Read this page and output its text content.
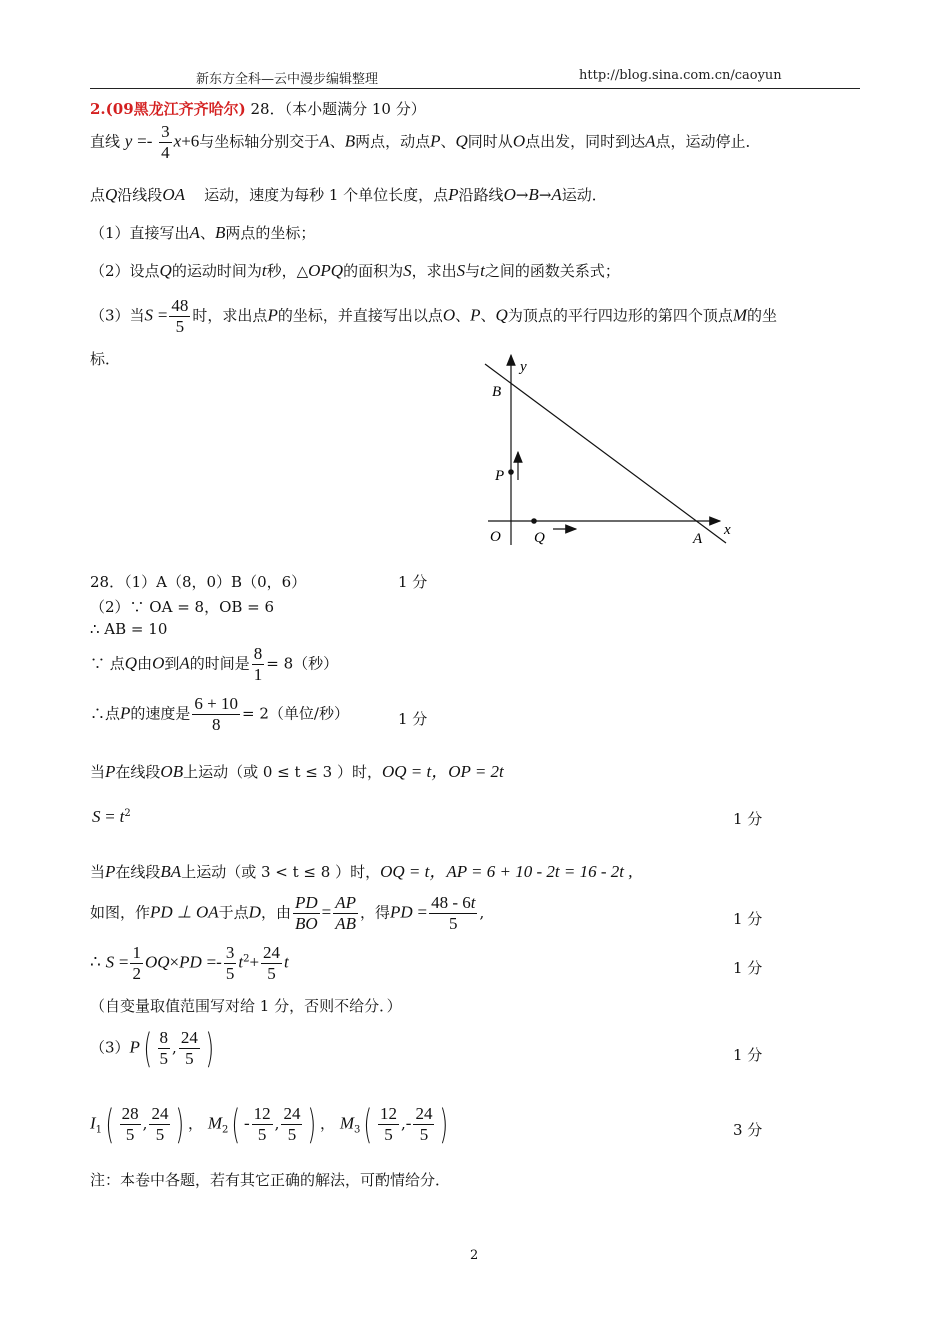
新东方全科—云中漫步编辑整理	http://blog.sina.com.cn/caoyun
2.(09黑龙江齐齐哈尔) 28．（本小题满分 10 分）
直线 $y =- \frac{3}{4} x+6$与坐标轴分别交于A、B两点，动点P、Q同时从O点出发，同时到达A点，运动停止．
点Q沿线段OA 运动，速度为每秒 1 个单位长度，点P沿路线O→B→A运动．
（1）直接写出A、B两点的坐标；
（2）设点Q的运动时间为t秒，△OPQ的面积为S，求出S与t之间的函数关系式；
（3）当$S = \frac{48}{5}$ 时，求出点P的坐标，并直接写出以点O、P、Q为顶点的平行四边形的第四个顶点M的坐
标．	y
B
P
O Q	A
x
28．（1）A（8，0）B（0，6）	1 分
（2）∵ OA = 8，OB = 6
∴ AB = 10
∵ 点Q由O到A的时间是 $\frac{8}{1} = 8$（秒）
∴点P的速度是 $\frac{6 + 10}{8} = 2$（单位/秒）	1 分
当P在线段OB上运动（或 0 ≤ t ≤ 3 ）时，OQ = t，OP = 2t
$S = t^2$	1 分
当P在线段BA上运动（或 3 < t ≤ 8 ）时，OQ = t，AP = 6 + 10 - 2t = 16 - 2t ,
如图，作PD ⊥ OA于点D，由 $\frac{PD}{BO} = \frac{AP}{AB}$ ，得PD = $\frac{48 - 6t}{5}$ ,	1 分
∴ $S = \frac{1}{2} OQ\times PD =- \frac{3}{5} t^2+ \frac{24}{5}$ t	1 分
（自变量取值范围写对给 1 分，否则不给分．）
$(3)P( \frac{8}{5}$ , $\frac{24}{5}$ )	1 分
$I_1( \frac{28}{5}$ , $\frac{24}{5}$ ) ， $M_2( - \frac{12}{5}$ , $\frac{24}{5}$ ) ， $M_3( \frac{12}{5}$ ,- $\frac{24}{5}$ )	3 分
注：本卷中各题，若有其它正确的解法，可酌情给分．
2
